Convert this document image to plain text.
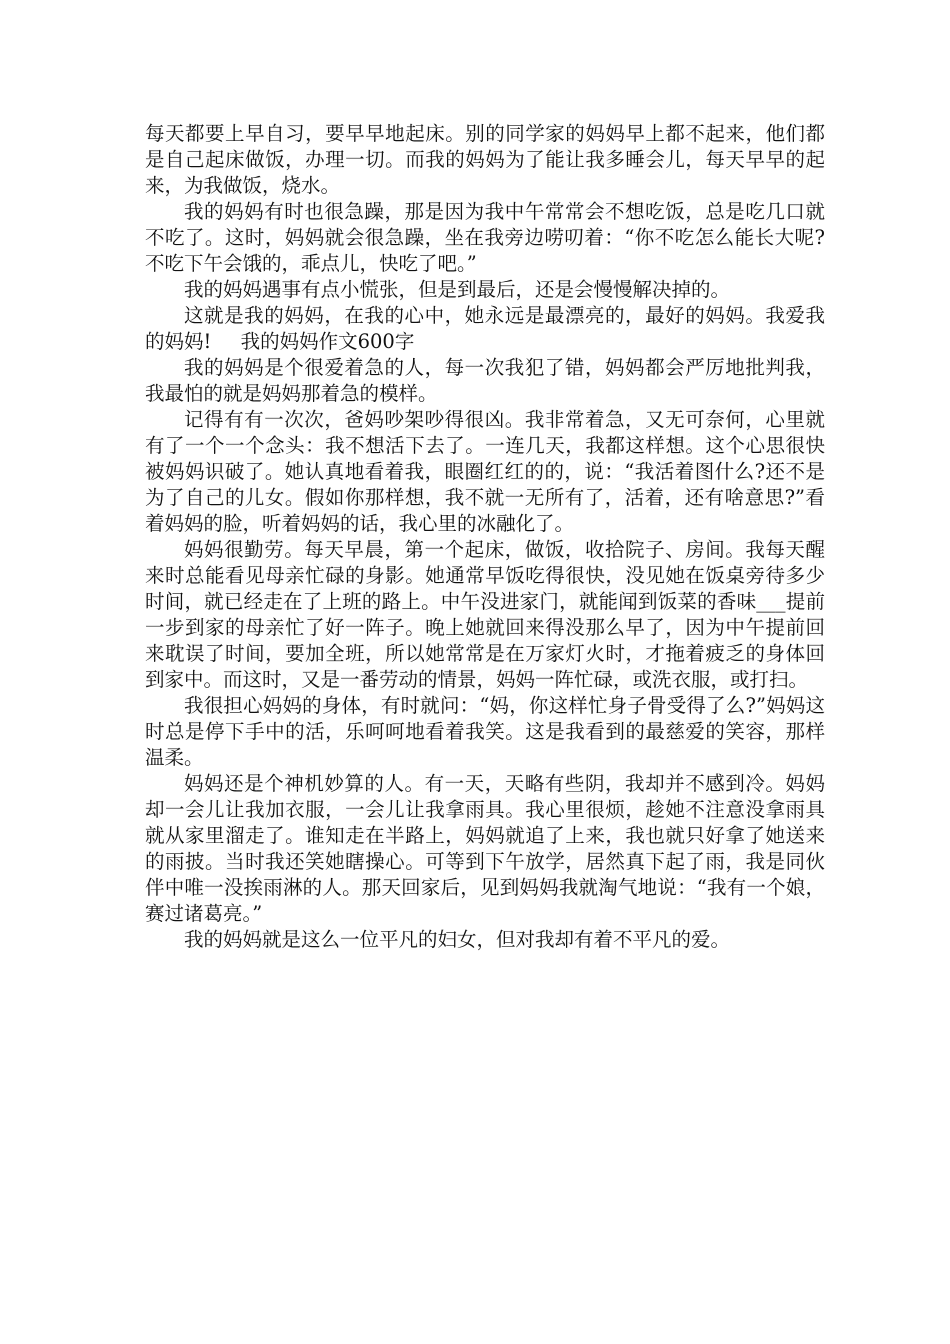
每天都要上早自习，要早早地起床。别的同学家的妈妈早上都不起来，他们都是自己起床做饭，办理一切。而我的妈妈为了能让我多睡会儿，每天早早的起来，为我做饭，烧水。

我的妈妈有时也很急躁，那是因为我中午常常会不想吃饭，总是吃几口就不吃了。这时，妈妈就会很急躁，坐在我旁边唠叨着：“你不吃怎么能长大呢?不吃下午会饿的，乖点儿，快吃了吧。”

我的妈妈遇事有点小慌张，但是到最后，还是会慢慢解决掉的。

这就是我的妈妈，在我的心中，她永远是最漂亮的，最好的妈妈。我爱我的妈妈! 我的妈妈作文600字

我的妈妈是个很爱着急的人，每一次我犯了错，妈妈都会严厉地批判我，我最怕的就是妈妈那着急的模样。

记得有有一次次，爸妈吵架吵得很凶。我非常着急，又无可奈何，心里就有了一个一个念头：我不想活下去了。一连几天，我都这样想。这个心思很快被妈妈识破了。她认真地看着我，眼圈红红的的，说：“我活着图什么?还不是为了自己的儿女。假如你那样想，我不就一无所有了，活着，还有啥意思?”看着妈妈的脸，听着妈妈的话，我心里的冰融化了。

妈妈很勤劳。每天早晨，第一个起床，做饭，收拾院子、房间。我每天醒来时总能看见母亲忙碌的身影。她通常早饭吃得很快，没见她在饭桌旁待多少时间，就已经走在了上班的路上。中午没进家门，就能闻到饭菜的香味___提前一步到家的母亲忙了好一阵子。晚上她就回来得没那么早了，因为中午提前回来耽误了时间，要加全班，所以她常常是在万家灯火时，才拖着疲乏的身体回到家中。而这时，又是一番劳动的情景，妈妈一阵忙碌，或洗衣服，或打扫。

我很担心妈妈的身体，有时就问：“妈，你这样忙身子骨受得了么?”妈妈这时总是停下手中的活，乐呵呵地看着我笑。这是我看到的最慈爱的笑容，那样温柔。

妈妈还是个神机妙算的人。有一天，天略有些阴，我却并不感到冷。妈妈却一会儿让我加衣服，一会儿让我拿雨具。我心里很烦，趁她不注意没拿雨具就从家里溜走了。谁知走在半路上，妈妈就追了上来，我也就只好拿了她送来的雨披。当时我还笑她瞎操心。可等到下午放学，居然真下起了雨，我是同伙伴中唯一没挨雨淋的人。那天回家后，见到妈妈我就淘气地说：“我有一个娘，赛过诸葛亮。”

我的妈妈就是这么一位平凡的妇女，但对我却有着不平凡的爱。
